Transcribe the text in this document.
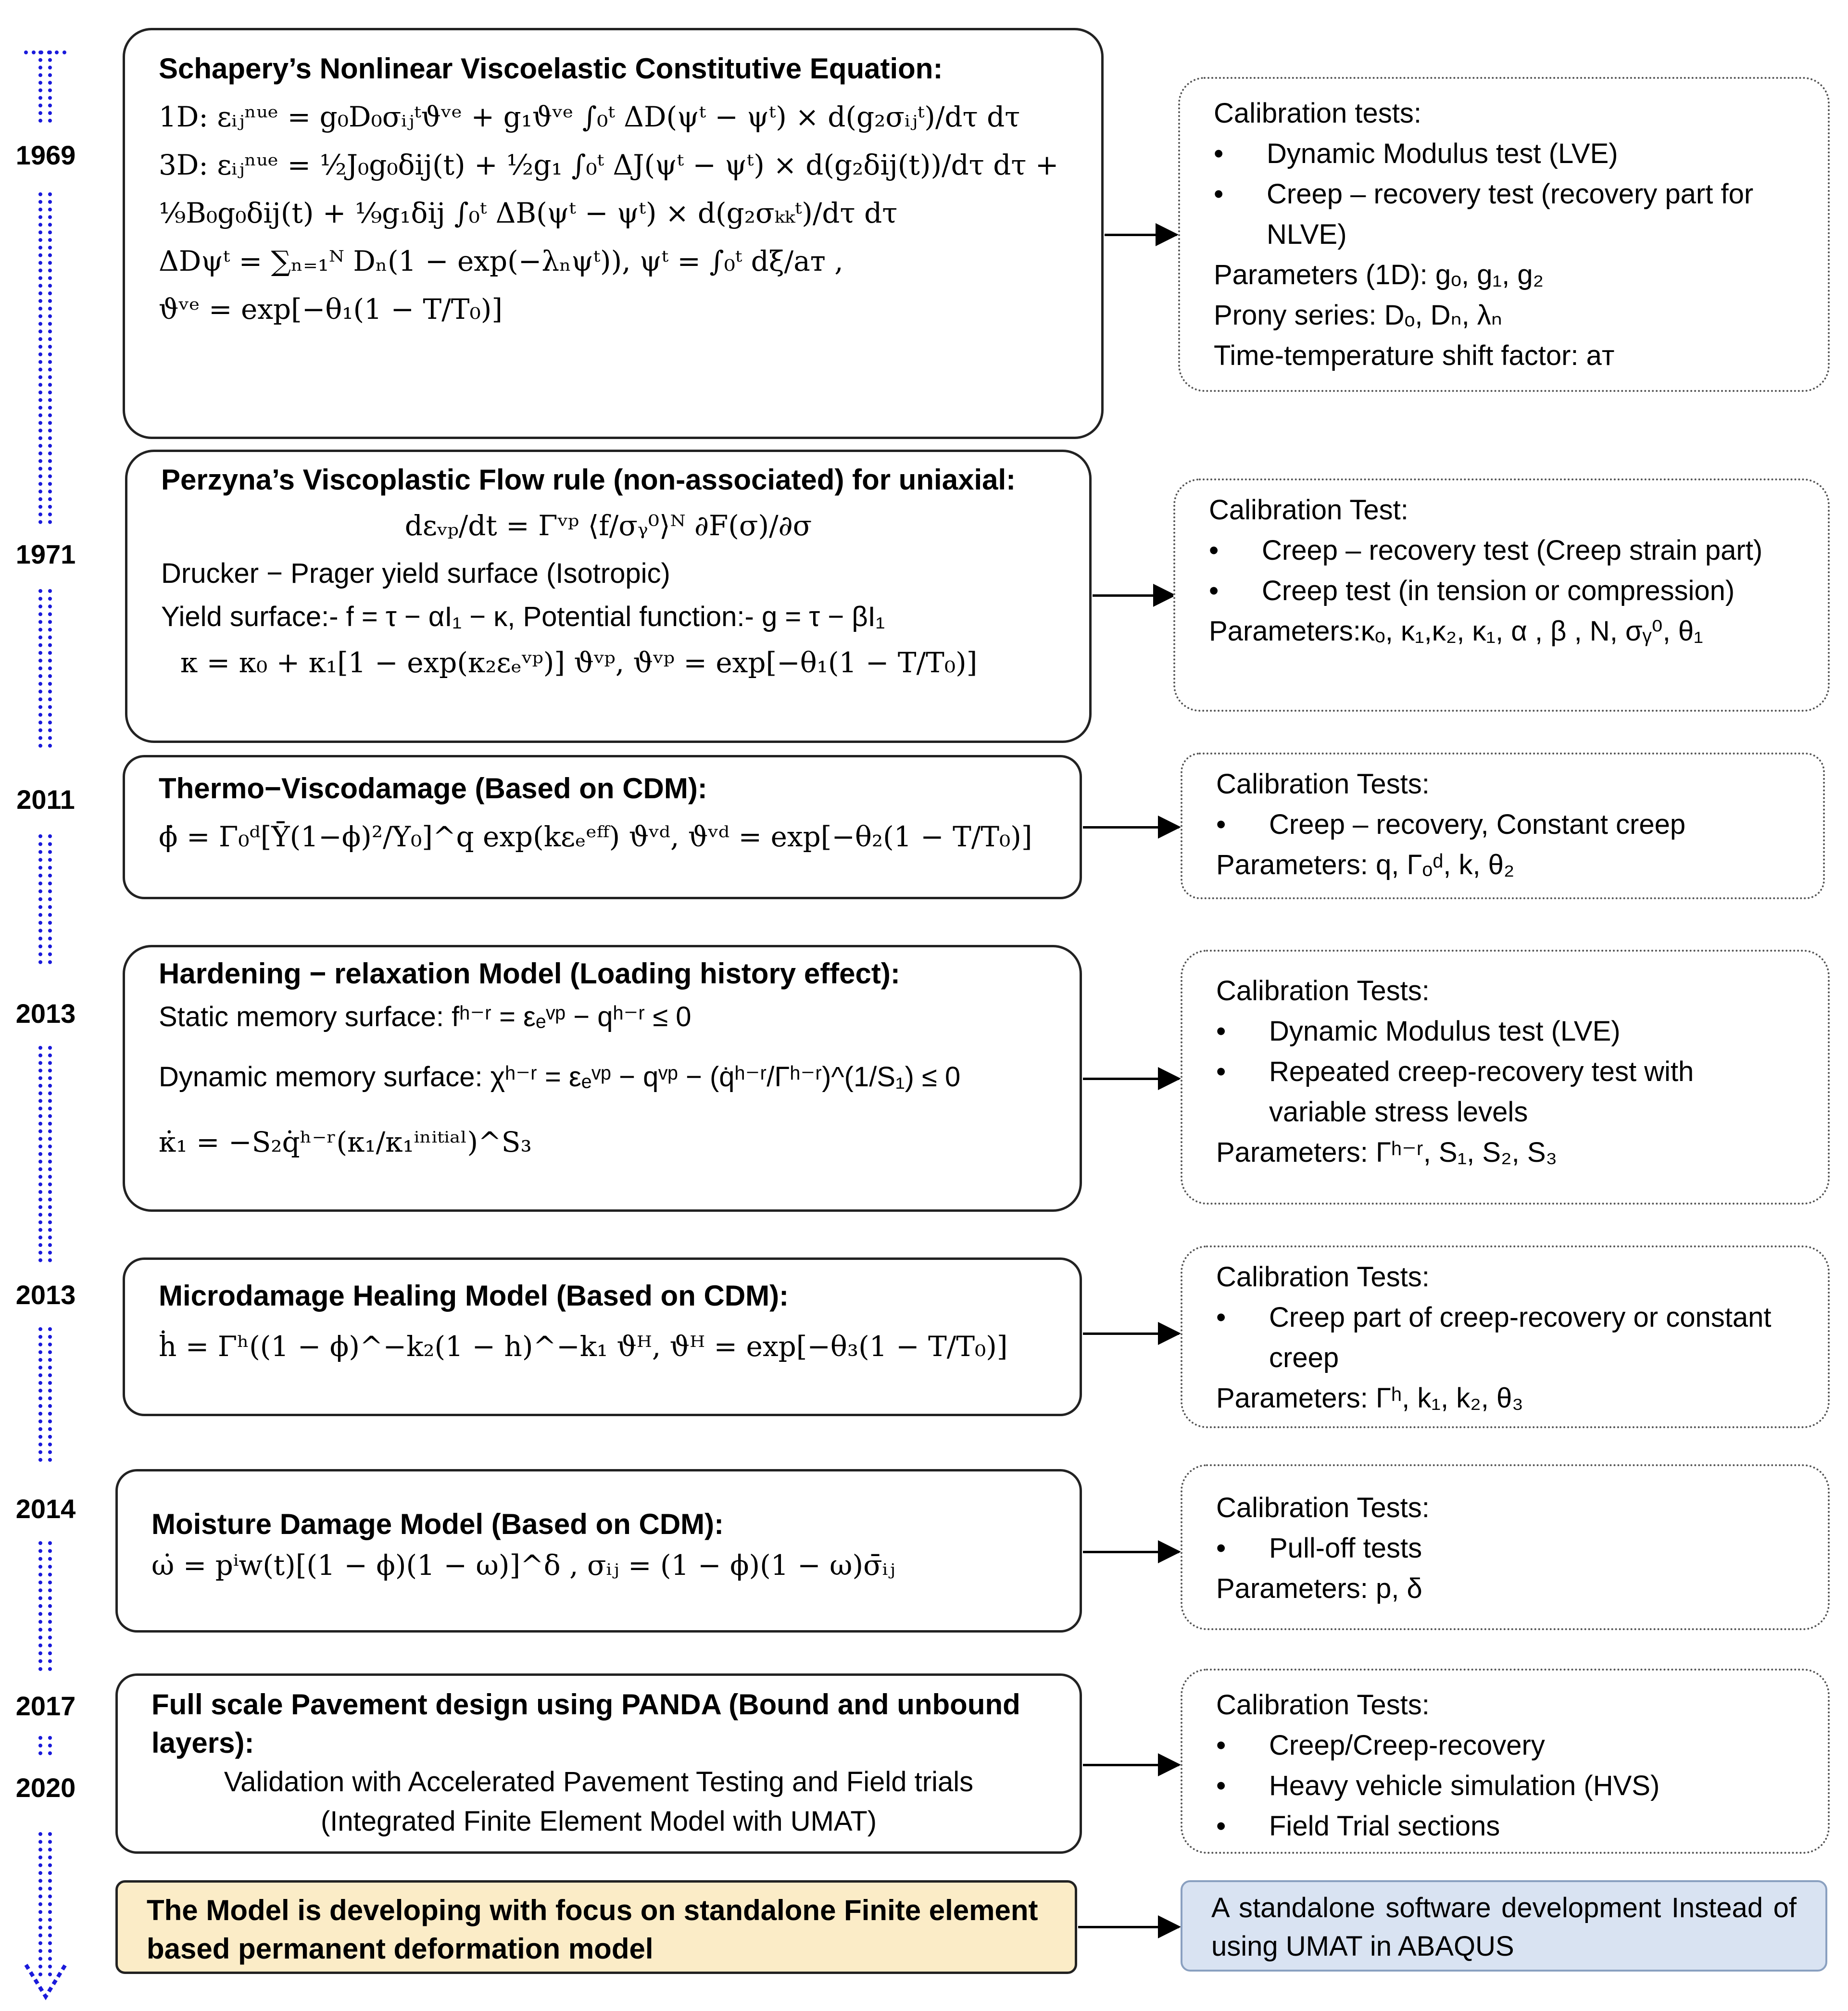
1969
1971
2011
2013
2013
2014
2017
2020
Schapery’s Nonlinear Viscoelastic Constitutive Equation:
1D: εᵢⱼⁿᵘᵉ = g₀D₀σᵢⱼᵗϑᵛᵉ + g₁ϑᵛᵉ ∫₀ᵗ ΔD(ψᵗ − ψᵗ) × d(g₂σᵢⱼᵗ)/dτ dτ
3D: εᵢⱼⁿᵘᵉ = ½J₀g₀δij(t) + ½g₁ ∫₀ᵗ ΔJ(ψᵗ − ψᵗ) × d(g₂δij(t))/dτ dτ +
⅑B₀g₀δij(t) + ⅑g₁δij ∫₀ᵗ ΔB(ψᵗ − ψᵗ) × d(g₂σₖₖᵗ)/dτ dτ
ΔDψᵗ = ∑ₙ₌₁ᴺ Dₙ(1 − exp(−λₙψᵗ)), ψᵗ = ∫₀ᵗ dξ/aᴛ ,
ϑᵛᵉ = exp[−θ₁(1 − T/T₀)]
Perzyna’s Viscoplastic Flow rule (non-associated) for uniaxial:
dεᵥₚ/dt = Γᵛᵖ ⟨f/σᵧ⁰⟩ᴺ ∂F(σ)/∂σ
Drucker − Prager yield surface (Isotropic)
Yield surface:- f = τ − αI₁ − κ, Potential function:- g = τ − βI₁
κ = κ₀ + κ₁[1 − exp(κ₂εₑᵛᵖ)] ϑᵛᵖ, ϑᵛᵖ = exp[−θ₁(1 − T/T₀)]
Thermo−Viscodamage (Based on CDM):
ϕ̇ = Γ₀ᵈ[Ȳ(1−ϕ)²/Y₀]^q exp(kεₑᵉᶠᶠ) ϑᵛᵈ, ϑᵛᵈ = exp[−θ₂(1 − T/T₀)]
Hardening − relaxation Model (Loading history effect):
Static memory surface: fʰ⁻ʳ = εₑᵛᵖ − qʰ⁻ʳ ≤ 0
Dynamic memory surface: χʰ⁻ʳ = εₑᵛᵖ − qᵛᵖ − (q̇ʰ⁻ʳ/Γʰ⁻ʳ)^(1/S₁) ≤ 0
κ̇₁ = −S₂q̇ʰ⁻ʳ(κ₁/κ₁ⁱⁿⁱᵗⁱᵃˡ)^S₃
Microdamage Healing Model (Based on CDM):
ḣ = Γʰ((1 − ϕ)^−k₂(1 − h)^−k₁ ϑᴴ, ϑᴴ = exp[−θ₃(1 − T/T₀)]
Moisture Damage Model (Based on CDM):
ω̇ = pⁱw(t)[(1 − ϕ)(1 − ω)]^δ , σᵢⱼ = (1 − ϕ)(1 − ω)σ̄ᵢⱼ
Full scale Pavement design using PANDA (Bound and unbound layers):
Validation with Accelerated Pavement Testing and Field trials
(Integrated Finite Element Model with UMAT)
The Model is developing with focus on standalone Finite element based permanent deformation model
Calibration tests:
• Dynamic Modulus test (LVE)
• Creep – recovery test (recovery part for NLVE)
Parameters (1D): gₒ, g₁, g₂
Prony series: Dₒ, Dₙ, λₙ
Time-temperature shift factor: aᴛ
Calibration Test:
• Creep – recovery test (Creep strain part)
• Creep test (in tension or compression)
Parameters:κₒ, κ₁,κ₂, κ₁, α , β , N, σᵧ⁰, θ₁
Calibration Tests:
• Creep – recovery, Constant creep
Parameters: q, Γₒᵈ, k, θ₂
Calibration Tests:
• Dynamic Modulus test (LVE)
• Repeated creep-recovery test with variable stress levels
Parameters: Γʰ⁻ʳ, S₁, S₂, S₃
Calibration Tests:
• Creep part of creep-recovery or constant creep
Parameters: Γʰ, k₁, k₂, θ₃
Calibration Tests:
• Pull-off tests
Parameters: p, δ
Calibration Tests:
• Creep/Creep-recovery
• Heavy vehicle simulation (HVS)
• Field Trial sections
A standalone software development Instead of using UMAT in ABAQUS
